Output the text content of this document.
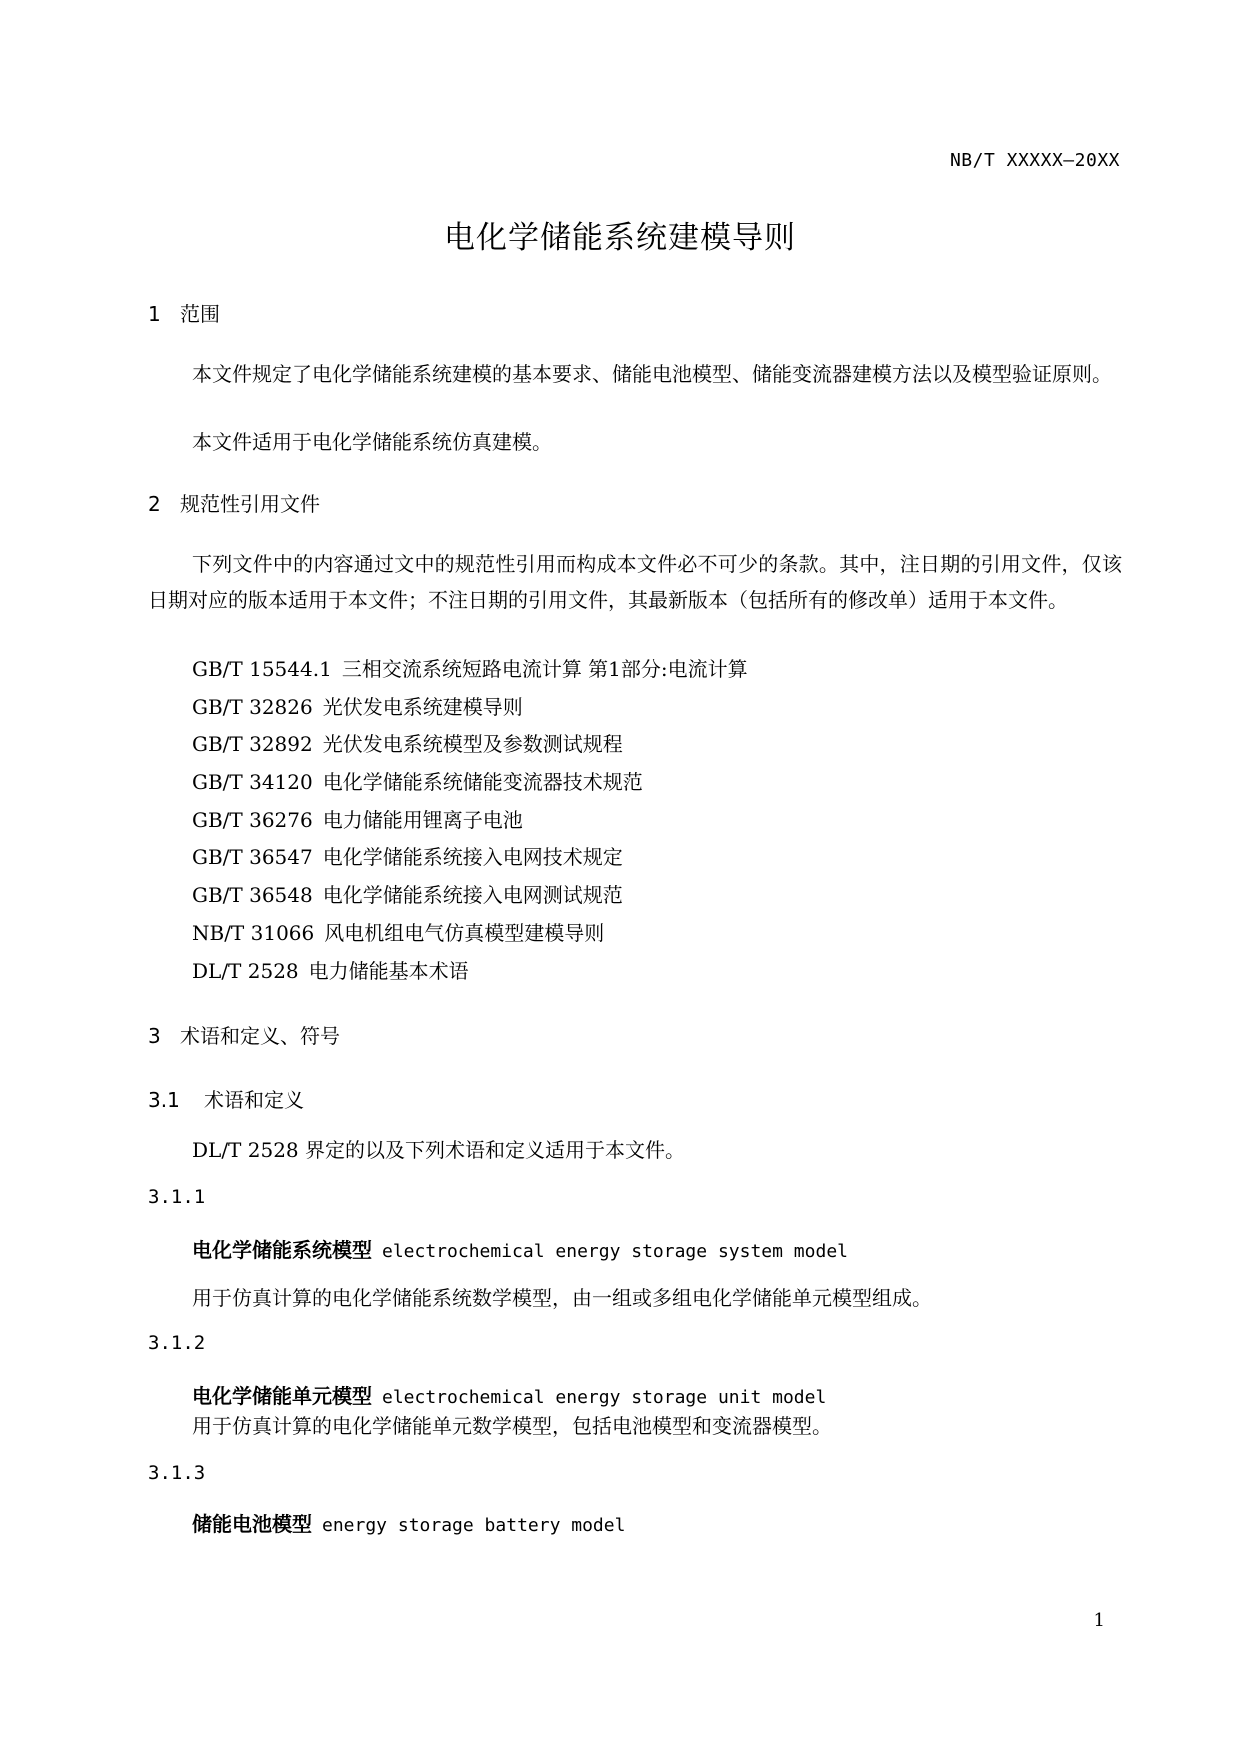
NB/T XXXXX—20XX
电化学储能系统建模导则
1 范围

本文件规定了电化学储能系统建模的基本要求、储能电池模型、储能变流器建模方法以及模型验证原则。

本文件适用于电化学储能系统仿真建模。

2 规范性引用文件

下列文件中的内容通过文中的规范性引用而构成本文件必不可少的条款。其中，注日期的引用文件，仅该日期对应的版本适用于本文件；不注日期的引用文件，其最新版本（包括所有的修改单）适用于本文件。

GB/T 15544.1 三相交流系统短路电流计算 第1部分:电流计算
GB/T 32826 光伏发电系统建模导则
GB/T 32892 光伏发电系统模型及参数测试规程
GB/T 34120 电化学储能系统储能变流器技术规范
GB/T 36276 电力储能用锂离子电池
GB/T 36547 电化学储能系统接入电网技术规定
GB/T 36548 电化学储能系统接入电网测试规范
NB/T 31066 风电机组电气仿真模型建模导则
DL/T 2528 电力储能基本术语
3 术语和定义、符号
3.1 术语和定义
DL/T 2528 界定的以及下列术语和定义适用于本文件。
3.1.1
电化学储能系统模型 electrochemical energy storage system model
用于仿真计算的电化学储能系统数学模型，由一组或多组电化学储能单元模型组成。
3.1.2
电化学储能单元模型 electrochemical energy storage unit model
用于仿真计算的电化学储能单元数学模型，包括电池模型和变流器模型。
3.1.3
储能电池模型 energy storage battery model
1
